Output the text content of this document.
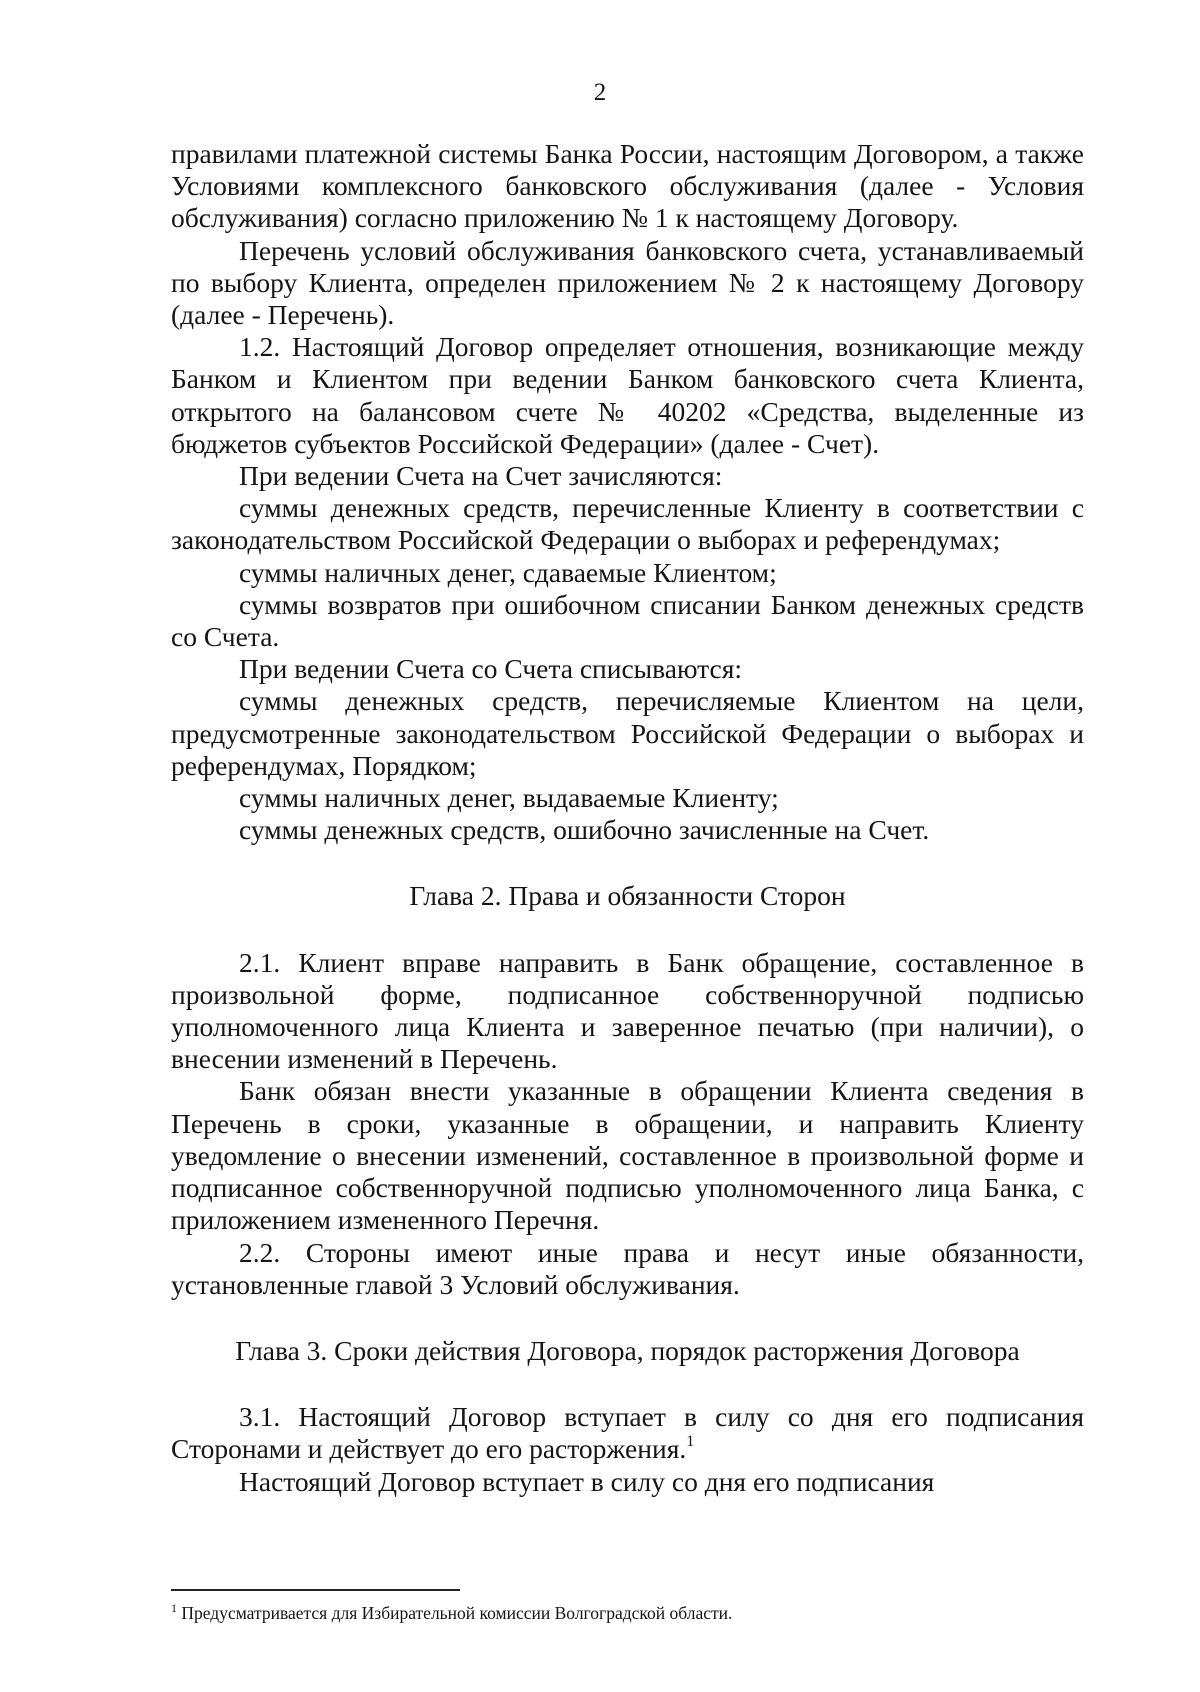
2

правилами платежной системы Банка России, настоящим Договором, а также Условиями комплексного банковского обслуживания (далее - Условия обслуживания) согласно приложению № 1 к настоящему Договору.

Перечень условий обслуживания банковского счета, устанавливаемый по выбору Клиента, определен приложением № 2 к настоящему Договору (далее - Перечень).

1.2. Настоящий Договор определяет отношения, возникающие между Банком и Клиентом при ведении Банком банковского счета Клиента, открытого на балансовом счете № 40202 «Средства, выделенные из бюджетов субъектов Российской Федерации» (далее - Счет).

При ведении Счета на Счет зачисляются:

суммы денежных средств, перечисленные Клиенту в соответствии с законодательством Российской Федерации о выборах и референдумах;

суммы наличных денег, сдаваемые Клиентом;

суммы возвратов при ошибочном списании Банком денежных средств со Счета.

При ведении Счета со Счета списываются:

суммы денежных средств, перечисляемые Клиентом на цели, предусмотренные законодательством Российской Федерации о выборах и референдумах, Порядком;

суммы наличных денег, выдаваемые Клиенту;

суммы денежных средств, ошибочно зачисленные на Счет.

Глава 2. Права и обязанности Сторон

2.1. Клиент вправе направить в Банк обращение, составленное в произвольной форме, подписанное собственноручной подписью уполномоченного лица Клиента и заверенное печатью (при наличии), о внесении изменений в Перечень.

Банк обязан внести указанные в обращении Клиента сведения в Перечень в сроки, указанные в обращении, и направить Клиенту уведомление о внесении изменений, составленное в произвольной форме и подписанное собственноручной подписью уполномоченного лица Банка, с приложением измененного Перечня.

2.2. Стороны имеют иные права и несут иные обязанности, установленные главой 3 Условий обслуживания.

Глава 3. Сроки действия Договора, порядок расторжения Договора

3.1. Настоящий Договор вступает в силу со дня его подписания Сторонами и действует до его расторжения.$^1$

Настоящий Договор вступает в силу со дня его подписания

$^1$ Предусматривается для Избирательной комиссии Волгоградской области.
